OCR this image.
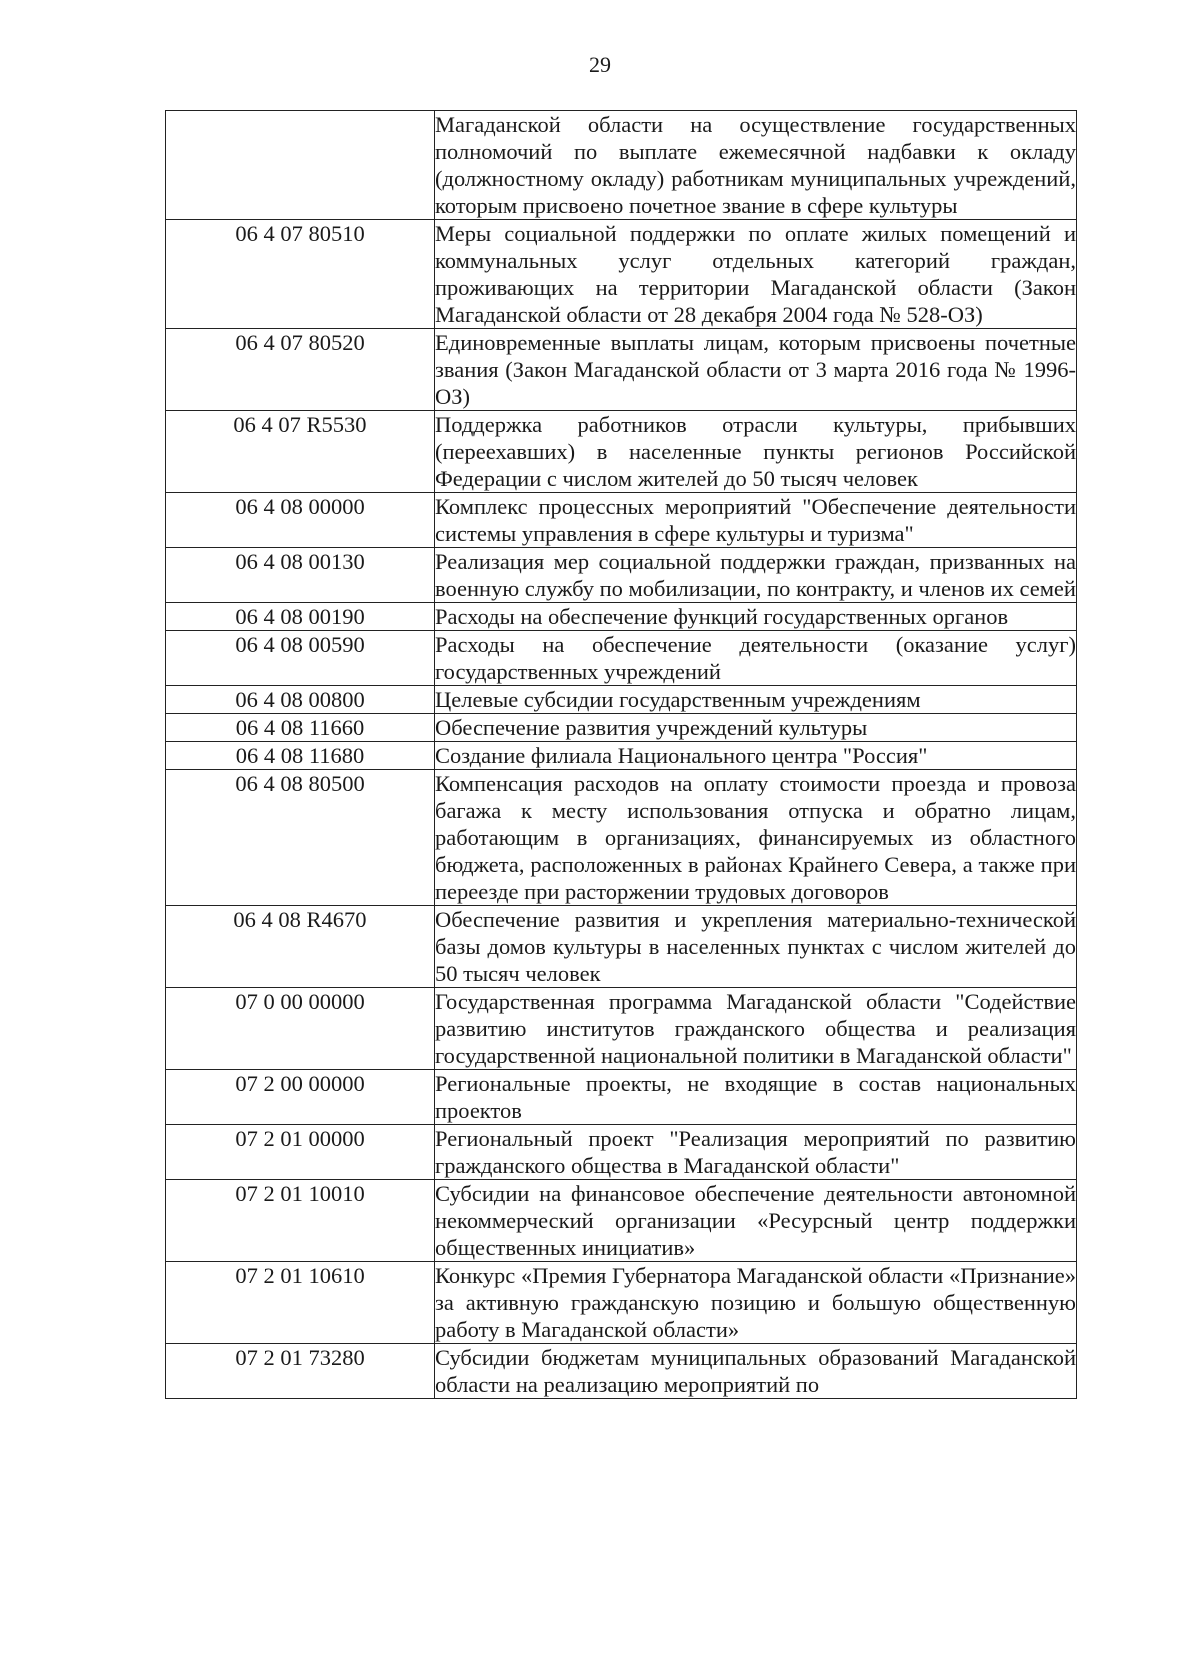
29
	Магаданской области на осуществление государственных полномочий по выплате ежемесячной надбавки к окладу (должностному окладу) работникам муниципальных учреждений, которым присвоено почетное звание в сфере культуры
06 4 07 80510	Меры социальной поддержки по оплате жилых помещений и коммунальных услуг отдельных категорий граждан, проживающих на территории Магаданской области (Закон Магаданской области от 28 декабря 2004 года № 528-ОЗ)
06 4 07 80520	Единовременные выплаты лицам, которым присвоены почетные звания (Закон Магаданской области от 3 марта 2016 года № 1996-ОЗ)
06 4 07 R5530	Поддержка работников отрасли культуры, прибывших (переехавших) в населенные пункты регионов Российской Федерации с числом жителей до 50 тысяч человек
06 4 08 00000	Комплекс процессных мероприятий "Обеспечение деятельности системы управления в сфере культуры и туризма"
06 4 08 00130	Реализация мер социальной поддержки граждан, призванных на военную службу по мобилизации, по контракту, и членов их семей
06 4 08 00190	Расходы на обеспечение функций государственных органов
06 4 08 00590	Расходы на обеспечение деятельности (оказание услуг) государственных учреждений
06 4 08 00800	Целевые субсидии государственным учреждениям
06 4 08 11660	Обеспечение развития учреждений культуры
06 4 08 11680	Создание филиала Национального центра "Россия"
06 4 08 80500	Компенсация расходов на оплату стоимости проезда и провоза багажа к месту использования отпуска и обратно лицам, работающим в организациях, финансируемых из областного бюджета, расположенных в районах Крайнего Севера, а также при переезде при расторжении трудовых договоров
06 4 08 R4670	Обеспечение развития и укрепления материально-технической базы домов культуры в населенных пунктах с числом жителей до 50 тысяч человек
07 0 00 00000	Государственная программа Магаданской области "Содействие развитию институтов гражданского общества и реализация государственной национальной политики в Магаданской области"
07 2 00 00000	Региональные проекты, не входящие в состав национальных проектов
07 2 01 00000	Региональный проект "Реализация мероприятий по развитию гражданского общества в Магаданской области"
07 2 01 10010	Субсидии на финансовое обеспечение деятельности автономной некоммерческий организации «Ресурсный центр поддержки общественных инициатив»
07 2 01 10610	Конкурс «Премия Губернатора Магаданской области «Признание» за активную гражданскую позицию и большую общественную работу в Магаданской области»
07 2 01 73280	Субсидии бюджетам муниципальных образований Магаданской области на реализацию мероприятий по
